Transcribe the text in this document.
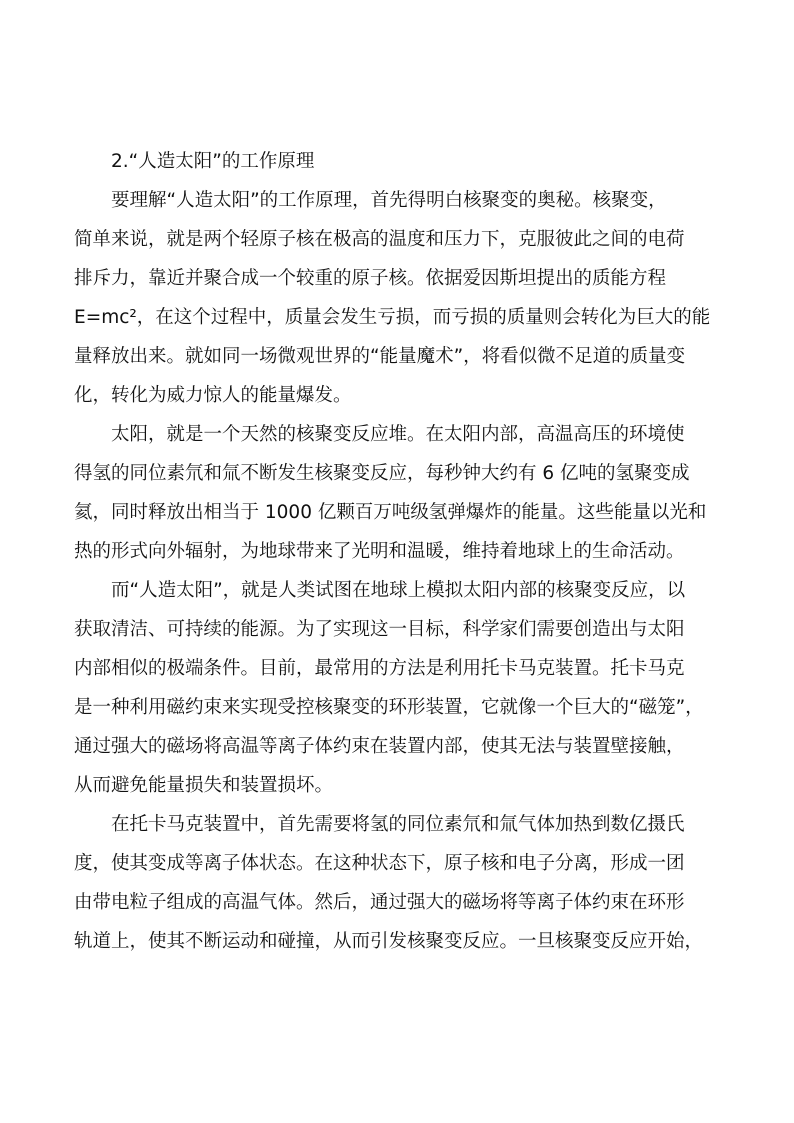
2.“人造太阳”的工作原理

要理解“人造太阳”的工作原理，首先得明白核聚变的奥秘。核聚变，
简单来说，就是两个轻原子核在极高的温度和压力下，克服彼此之间的电荷
排斥力，靠近并聚合成一个较重的原子核。依据爱因斯坦提出的质能方程
E=mc²，在这个过程中，质量会发生亏损，而亏损的质量则会转化为巨大的能
量释放出来。就如同一场微观世界的“能量魔术”，将看似微不足道的质量变
化，转化为威力惊人的能量爆发。

太阳，就是一个天然的核聚变反应堆。在太阳内部，高温高压的环境使
得氢的同位素氘和氚不断发生核聚变反应，每秒钟大约有 6 亿吨的氢聚变成
氦，同时释放出相当于 1000 亿颗百万吨级氢弹爆炸的能量。这些能量以光和
热的形式向外辐射，为地球带来了光明和温暖，维持着地球上的生命活动。

而“人造太阳”，就是人类试图在地球上模拟太阳内部的核聚变反应，以
获取清洁、可持续的能源。为了实现这一目标，科学家们需要创造出与太阳
内部相似的极端条件。目前，最常用的方法是利用托卡马克装置。托卡马克
是一种利用磁约束来实现受控核聚变的环形装置，它就像一个巨大的“磁笼”，
通过强大的磁场将高温等离子体约束在装置内部，使其无法与装置壁接触，
从而避免能量损失和装置损坏。

在托卡马克装置中，首先需要将氢的同位素氘和氚气体加热到数亿摄氏
度，使其变成等离子体状态。在这种状态下，原子核和电子分离，形成一团
由带电粒子组成的高温气体。然后，通过强大的磁场将等离子体约束在环形
轨道上，使其不断运动和碰撞，从而引发核聚变反应。一旦核聚变反应开始，
